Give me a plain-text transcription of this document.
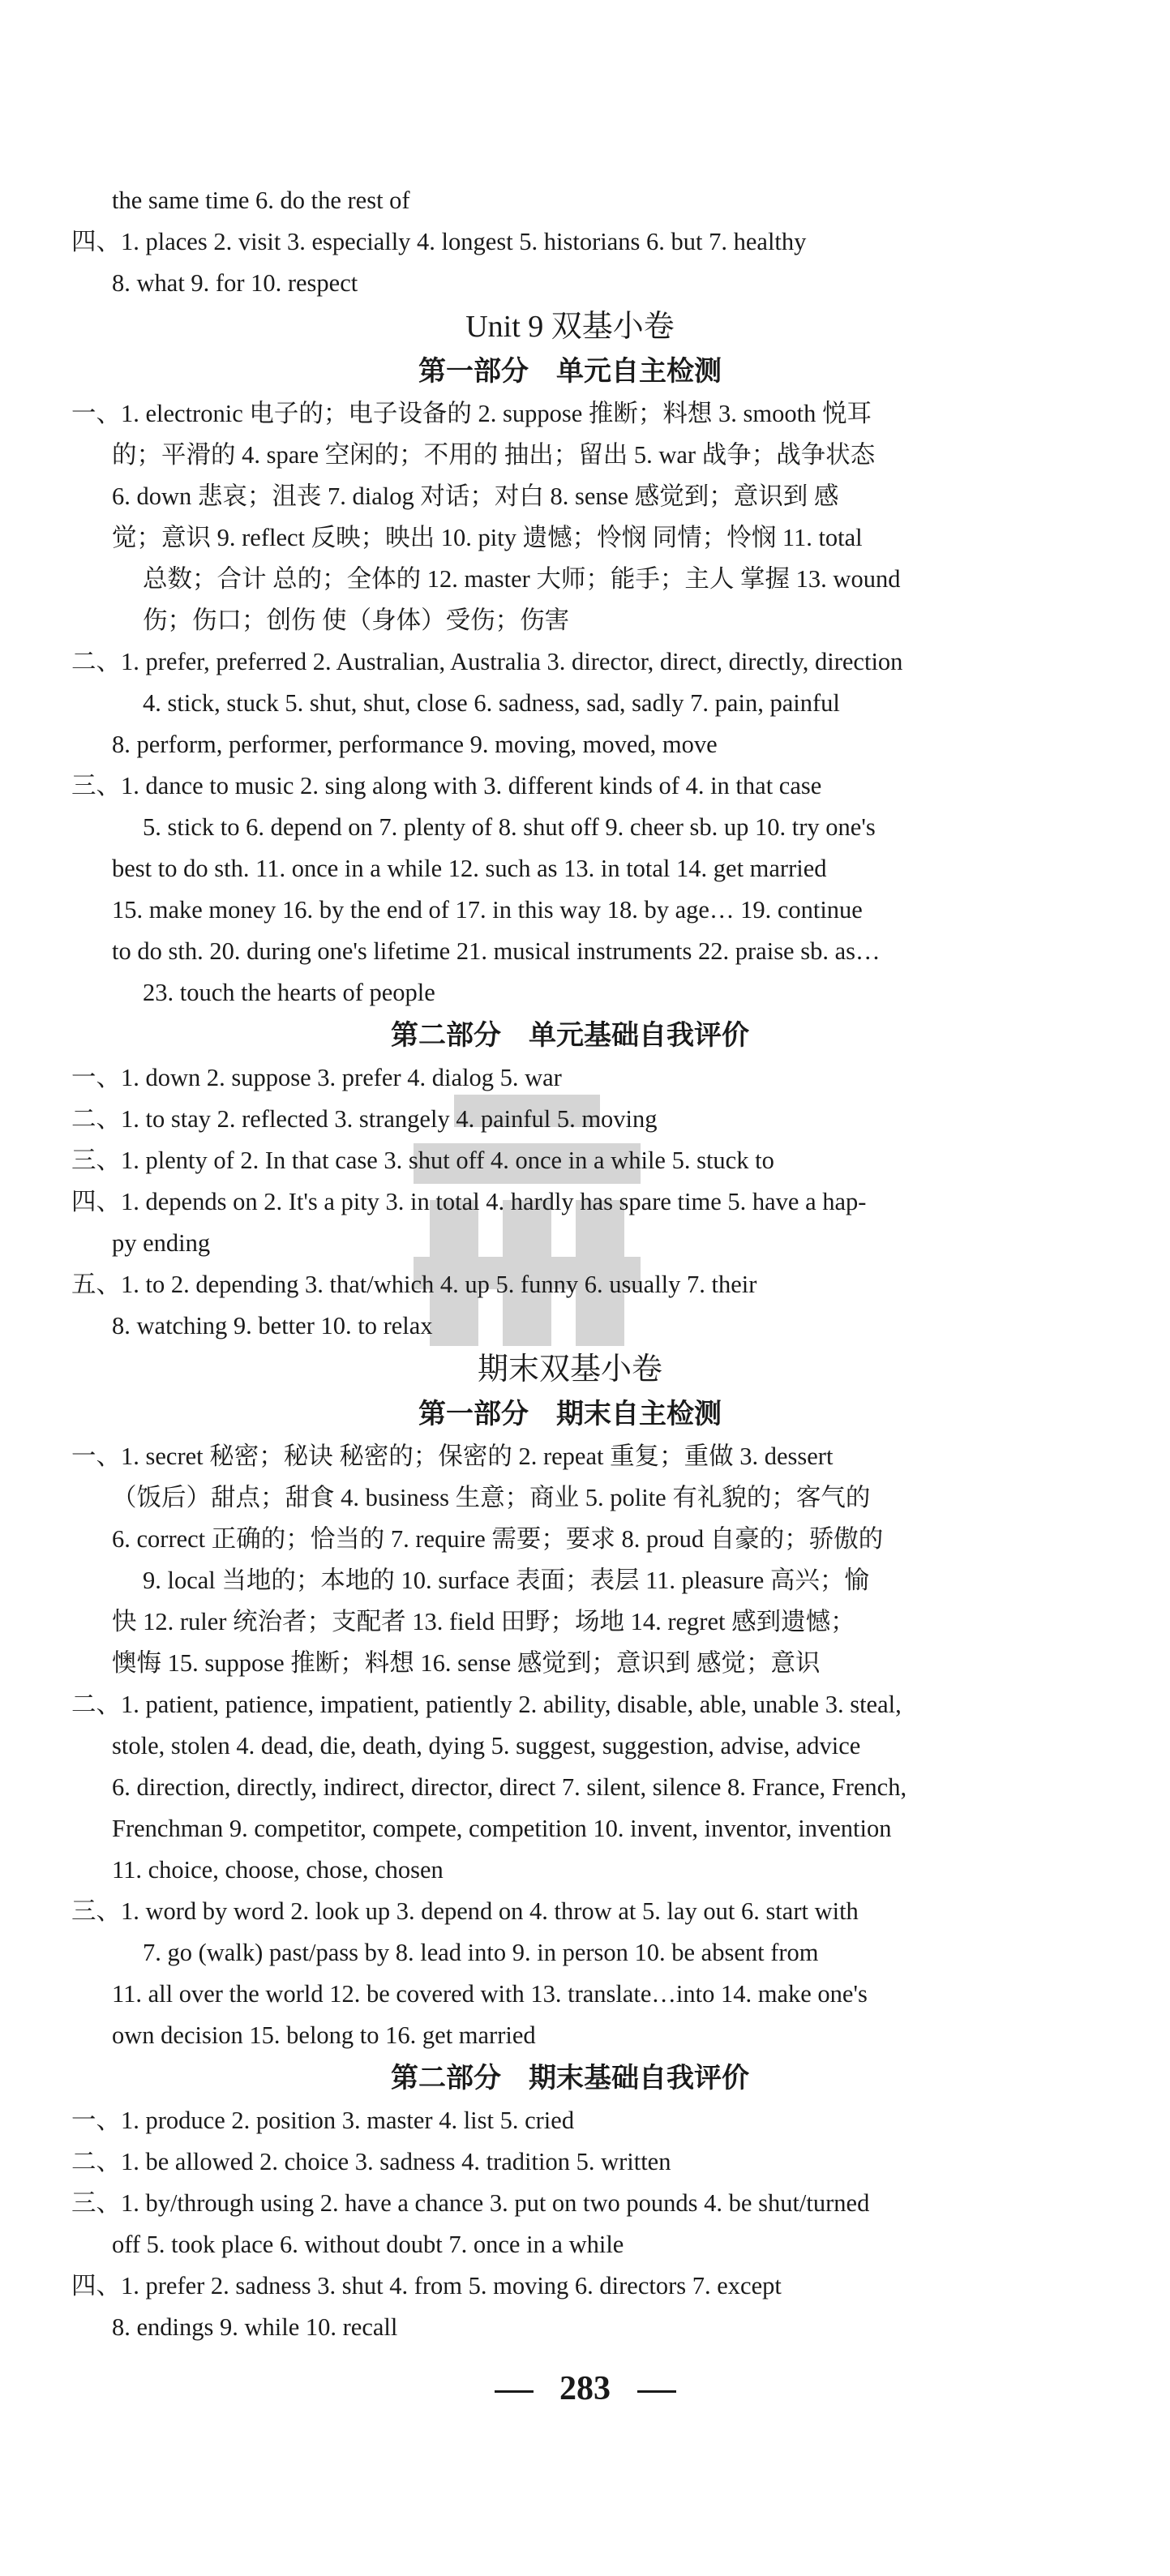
the same time 6. do the rest of
四、1. places 2. visit 3. especially 4. longest 5. historians 6. but 7. healthy
8. what 9. for 10. respect
Unit 9 双基小卷
第一部分　单元自主检测
一、1. electronic 电子的；电子设备的 2. suppose 推断；料想 3. smooth 悦耳
的；平滑的 4. spare 空闲的；不用的 抽出；留出 5. war 战争；战争状态
6. down 悲哀；沮丧 7. dialog 对话；对白 8. sense 感觉到；意识到 感
觉；意识 9. reflect 反映；映出 10. pity 遗憾；怜悯 同情；怜悯 11. total
总数；合计 总的；全体的 12. master 大师；能手；主人 掌握 13. wound
伤；伤口；创伤 使（身体）受伤；伤害
二、1. prefer, preferred 2. Australian, Australia 3. director, direct, directly, direction
4. stick, stuck 5. shut, shut, close 6. sadness, sad, sadly 7. pain, painful
8. perform, performer, performance 9. moving, moved, move
三、1. dance to music 2. sing along with 3. different kinds of 4. in that case
5. stick to 6. depend on 7. plenty of 8. shut off 9. cheer sb. up 10. try one's
best to do sth. 11. once in a while 12. such as 13. in total 14. get married
15. make money 16. by the end of 17. in this way 18. by age… 19. continue
to do sth. 20. during one's lifetime 21. musical instruments 22. praise sb. as…
23. touch the hearts of people
第二部分　单元基础自我评价
一、1. down 2. suppose 3. prefer 4. dialog 5. war
二、1. to stay 2. reflected 3. strangely 4. painful 5. moving
三、1. plenty of 2. In that case 3. shut off 4. once in a while 5. stuck to
四、1. depends on 2. It's a pity 3. in total 4. hardly has spare time 5. have a hap-
py ending
五、1. to 2. depending 3. that/which 4. up 5. funny 6. usually 7. their
8. watching 9. better 10. to relax
期末双基小卷
第一部分　期末自主检测
一、1. secret 秘密；秘诀 秘密的；保密的 2. repeat 重复；重做 3. dessert
（饭后）甜点；甜食 4. business 生意；商业 5. polite 有礼貌的；客气的
6. correct 正确的；恰当的 7. require 需要；要求 8. proud 自豪的；骄傲的
9. local 当地的；本地的 10. surface 表面；表层 11. pleasure 高兴；愉
快 12. ruler 统治者；支配者 13. field 田野；场地 14. regret 感到遗憾；
懊悔 15. suppose 推断；料想 16. sense 感觉到；意识到 感觉；意识
二、1. patient, patience, impatient, patiently 2. ability, disable, able, unable 3. steal,
stole, stolen 4. dead, die, death, dying 5. suggest, suggestion, advise, advice
6. direction, directly, indirect, director, direct 7. silent, silence 8. France, French,
Frenchman 9. competitor, compete, competition 10. invent, inventor, invention
11. choice, choose, chose, chosen
三、1. word by word 2. look up 3. depend on 4. throw at 5. lay out 6. start with
7. go (walk) past/pass by 8. lead into 9. in person 10. be absent from
11. all over the world 12. be covered with 13. translate…into 14. make one's
own decision 15. belong to 16. get married
第二部分　期末基础自我评价
一、1. produce 2. position 3. master 4. list 5. cried
二、1. be allowed 2. choice 3. sadness 4. tradition 5. written
三、1. by/through using 2. have a chance 3. put on two pounds 4. be shut/turned
off 5. took place 6. without doubt 7. once in a while
四、1. prefer 2. sadness 3. shut 4. from 5. moving 6. directors 7. except
8. endings 9. while 10. recall
283
